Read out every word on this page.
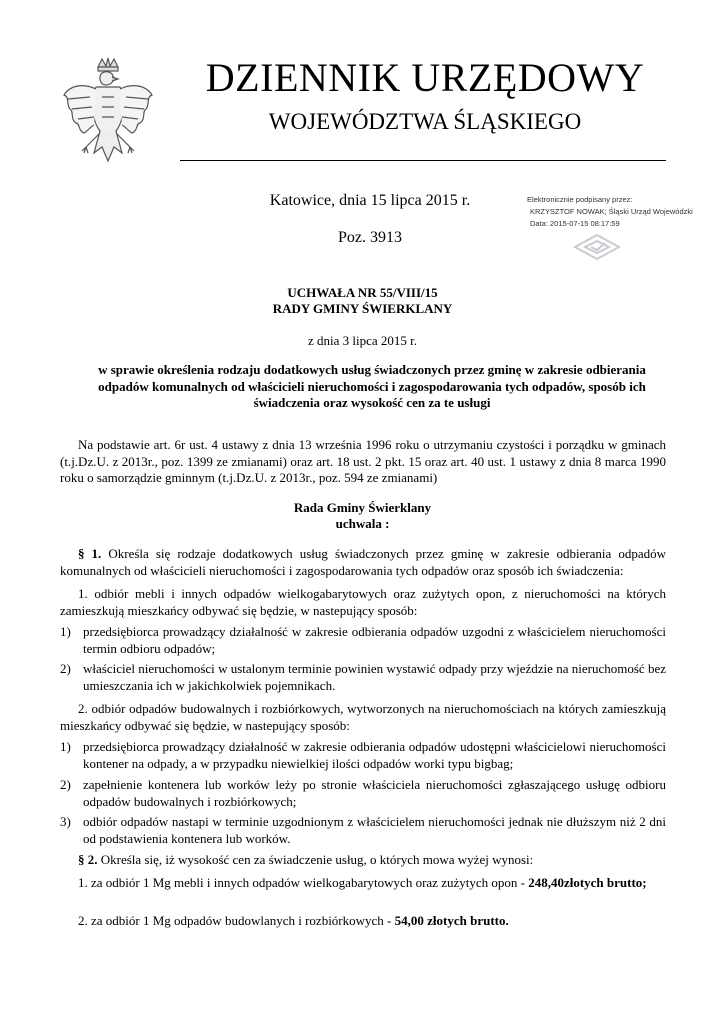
DZIENNIK URZĘDOWY
WOJEWÓDZTWA ŚLĄSKIEGO
Katowice, dnia 15 lipca 2015 r.
Poz. 3913
Elektronicznie podpisany przez:
KRZYSZTOF NOWAK; Śląski Urząd Wojewódzki
Data: 2015-07-15 08:17:59
UCHWAŁA NR 55/VIII/15
RADY GMINY ŚWIERKLANY
z dnia 3 lipca 2015 r.
w sprawie określenia rodzaju dodatkowych usług świadczonych przez gminę w zakresie odbierania odpadów komunalnych od właścicieli nieruchomości i zagospodarowania tych odpadów, sposób ich świadczenia oraz wysokość cen za te usługi
Na podstawie art. 6r ust. 4 ustawy z dnia 13 września 1996 roku o utrzymaniu czystości i porządku w gminach (t.j.Dz.U. z 2013r., poz. 1399 ze zmianami) oraz art. 18 ust. 2 pkt. 15 oraz art. 40 ust. 1 ustawy z dnia 8 marca 1990 roku o samorządzie gminnym (t.j.Dz.U. z 2013r., poz. 594 ze zmianami)
Rada Gminy Świerklany
uchwala :
§ 1. Określa się rodzaje dodatkowych usług świadczonych przez gminę w zakresie odbierania odpadów komunalnych od właścicieli nieruchomości i zagospodarowania tych odpadów oraz sposób ich świadczenia:
1. odbiór mebli i innych odpadów wielkogabarytowych oraz zużytych opon, z nieruchomości na których zamieszkują mieszkańcy odbywać się będzie, w nastepujący sposób:
1) przedsiębiorca prowadzący działalność w zakresie odbierania odpadów uzgodni z właścicielem nieruchomości termin odbioru odpadów;
2) właściciel nieruchomości w ustalonym terminie powinien wystawić odpady przy wjeździe na nieruchomość bez umieszczania ich w jakichkolwiek pojemnikach.
2. odbiór odpadów budowalnych i rozbiórkowych, wytworzonych na nieruchomościach na których zamieszkują mieszkańcy odbywać się będzie, w nastepujący sposób:
1) przedsiębiorca prowadzący działalność w zakresie odbierania odpadów udostępni właścicielowi nieruchomości kontener na odpady, a w przypadku niewielkiej ilości odpadów worki typu bigbag;
2) zapełnienie kontenera lub worków leży po stronie właściciela nieruchomości zgłaszającego usługę odbioru odpadów budowalnych i rozbiórkowych;
3) odbiór odpadów nastapi w terminie uzgodnionym z właścicielem nieruchomości jednak nie dłuższym niż 2 dni od podstawienia kontenera lub worków.
§ 2. Określa się, iż wysokość cen za świadczenie usług, o których mowa wyżej wynosi:
1. za odbiór 1 Mg mebli i innych odpadów wielkogabarytowych oraz zużytych opon - 248,40złotych brutto;
2. za odbiór 1 Mg odpadów budowlanych i rozbiórkowych - 54,00 złotych brutto.
